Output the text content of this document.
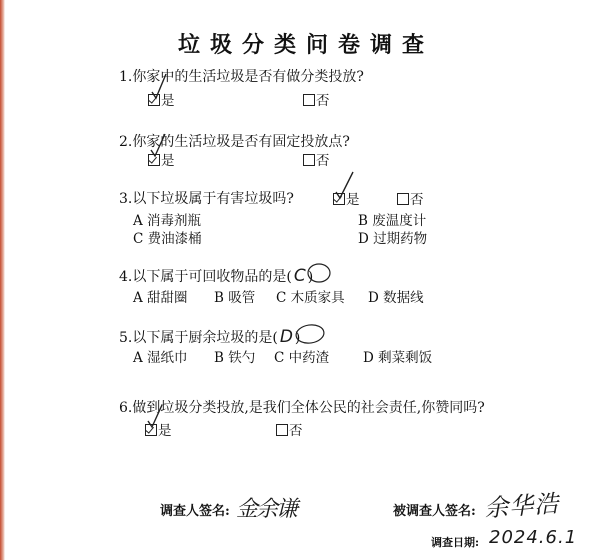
垃圾分类问卷调查
1.你家中的生活垃圾是否有做分类投放?
是	否
2.你家的生活垃圾是否有固定投放点?
是	否
3.以下垃圾属于有害垃圾吗?	是	否
A 消毒剂瓶	B 废温度计
C 费油漆桶	D 过期药物
4.以下属于可回收物品的是( C )
A 甜甜圈 B 吸管 C 木质家具 D 数据线
5.以下属于厨余垃圾的是( D )
A 湿纸巾 B 铁勺 C 中药渣	D 剩菜剩饭
6.做到垃圾分类投放,是我们全体公民的社会责任,你赞同吗?
是	否
调查人签名: 金余谦	被调查人签名: 余华浩
调查日期: 2024.6.1
